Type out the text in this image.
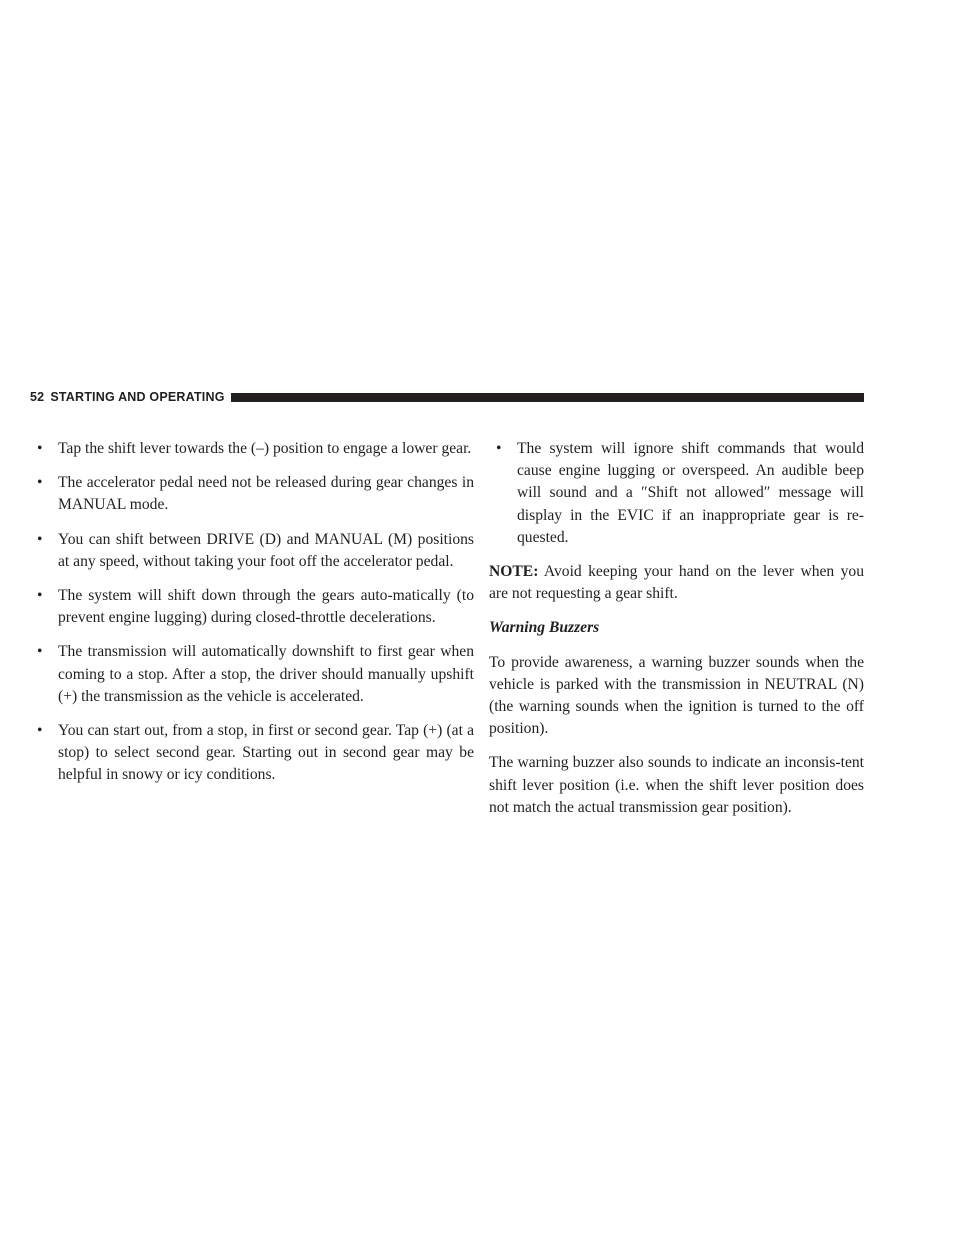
52 STARTING AND OPERATING
• Tap the shift lever towards the (–) position to engage a lower gear.
• The accelerator pedal need not be released during gear changes in MANUAL mode.
• You can shift between DRIVE (D) and MANUAL (M) positions at any speed, without taking your foot off the accelerator pedal.
• The system will shift down through the gears auto-matically (to prevent engine lugging) during closed-throttle decelerations.
• The transmission will automatically downshift to first gear when coming to a stop. After a stop, the driver should manually upshift (+) the transmission as the vehicle is accelerated.
• You can start out, from a stop, in first or second gear. Tap (+) (at a stop) to select second gear. Starting out in second gear may be helpful in snowy or icy conditions.
• The system will ignore shift commands that would cause engine lugging or overspeed. An audible beep will sound and a ″Shift not allowed″ message will display in the EVIC if an inappropriate gear is re-quested.

NOTE: Avoid keeping your hand on the lever when you are not requesting a gear shift.

Warning Buzzers

To provide awareness, a warning buzzer sounds when the vehicle is parked with the transmission in NEUTRAL (N) (the warning sounds when the ignition is turned to the off position).

The warning buzzer also sounds to indicate an inconsis-tent shift lever position (i.e. when the shift lever position does not match the actual transmission gear position).
